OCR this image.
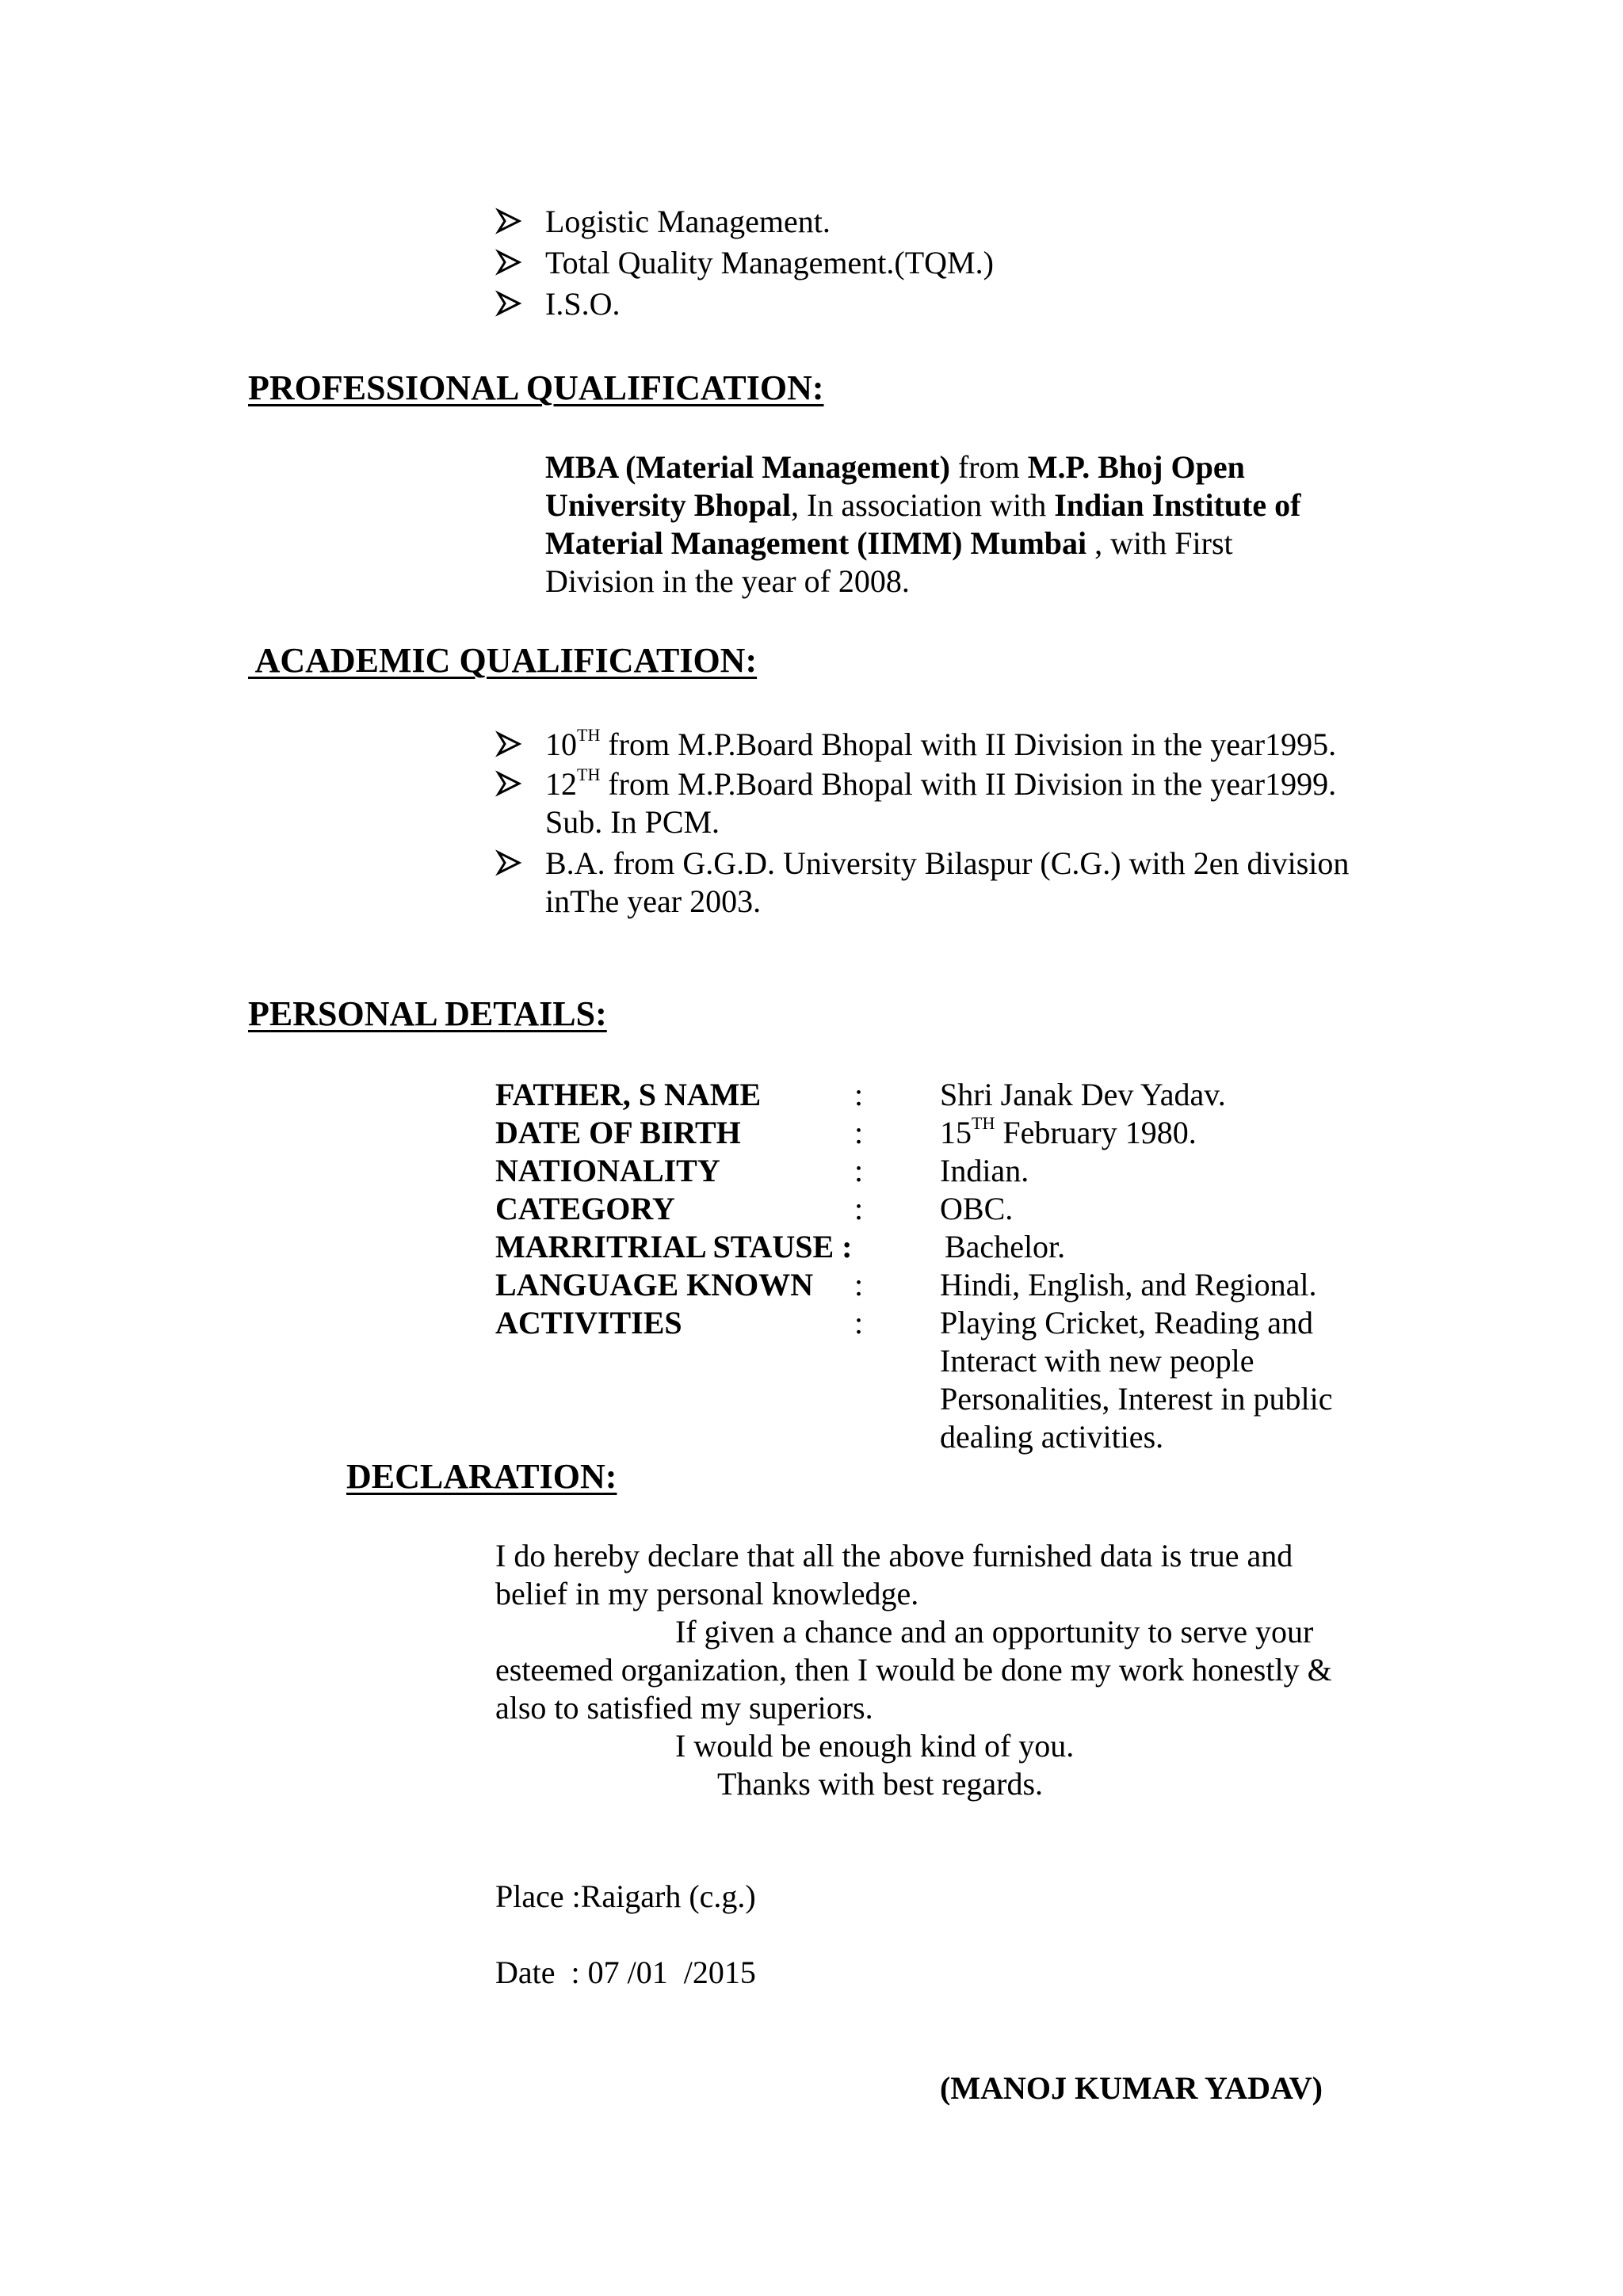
Logistic Management.
Total Quality Management.(TQM.)
I.S.O.
PROFESSIONAL QUALIFICATION:
MBA (Material Management) from M.P. Bhoj Open
University Bhopal, In association with Indian Institute of
Material Management (IIMM) Mumbai , with First
Division in the year of 2008.
ACADEMIC QUALIFICATION:
10TH from M.P.Board Bhopal with II Division in the year1995.
12TH from M.P.Board Bhopal with II Division in the year1999.
Sub. In PCM.
B.A. from G.G.D. University Bilaspur (C.G.) with 2en division
inThe year 2003.
PERSONAL DETAILS:
FATHER, S NAME	: Shri Janak Dev Yadav.
DATE OF BIRTH	: 15TH February 1980.
NATIONALITY	: Indian.
CATEGORY	: OBC.
MARRITRIAL STAUSE :	Bachelor.
LANGUAGE KNOWN : Hindi, English, and Regional.
ACTIVITIES	: Playing Cricket, Reading and
Interact with new people
Personalities, Interest in public
dealing activities.
DECLARATION:
I do hereby declare that all the above furnished data is true and
belief in my personal knowledge.
If given a chance and an opportunity to serve your
esteemed organization, then I would be done my work honestly &
also to satisfied my superiors.
I would be enough kind of you.
Thanks with best regards.
Place :Raigarh (c.g.)
Date  : 07 /01  /2015
(MANOJ KUMAR YADAV)
